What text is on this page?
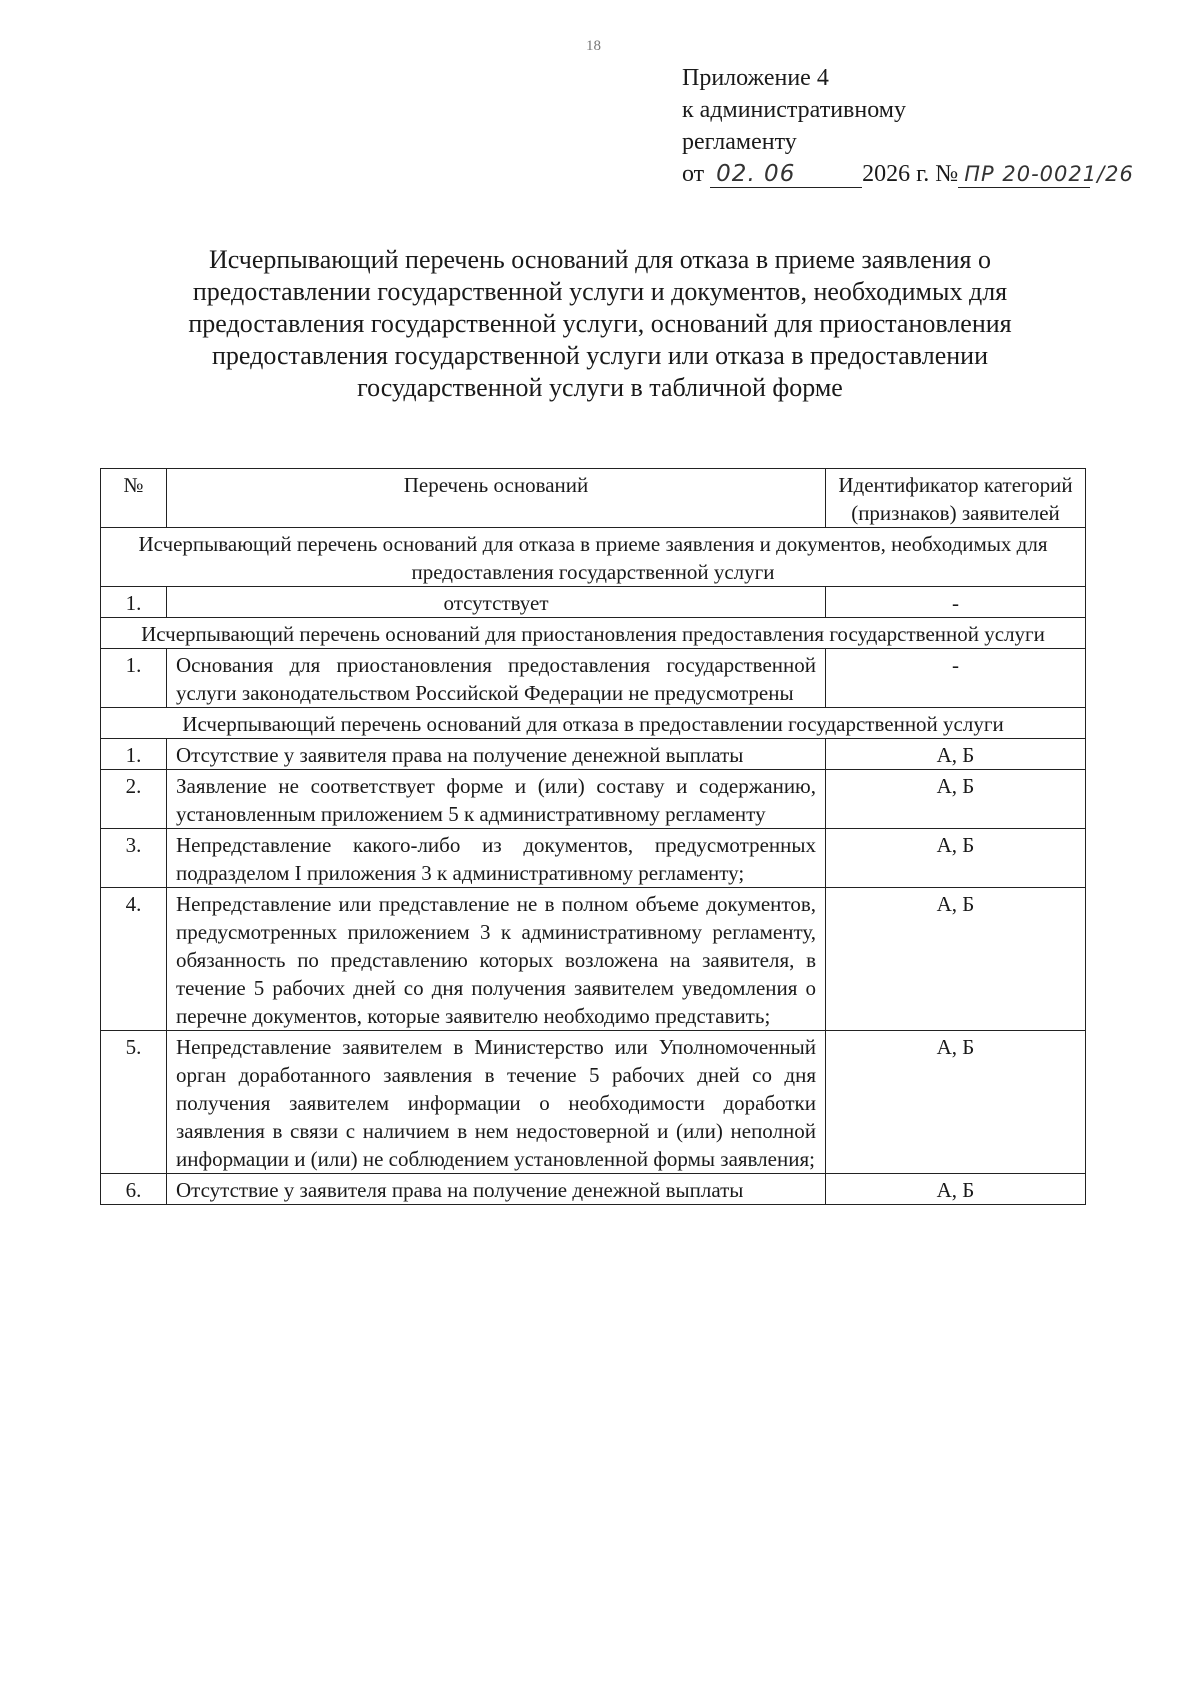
18
Приложение 4
к административному
регламенту
от 02. 06	2026 г. № ПР 20-0021/26
Исчерпывающий перечень оснований для отказа в приеме заявления о предоставлении государственной услуги и документов, необходимых для предоставления государственной услуги, оснований для приостановления предоставления государственной услуги или отказа в предоставлении государственной услуги в табличной форме
№	Перечень оснований	Идентификатор категорий (признаков) заявителей
Исчерпывающий перечень оснований для отказа в приеме заявления и документов, необходимых для предоставления государственной услуги		
1.	отсутствует	-
Исчерпывающий перечень оснований для приостановления предоставления государственной услуги		
1.	Основания для приостановления предоставления государственной услуги законодательством Российской Федерации не предусмотрены	-
Исчерпывающий перечень оснований для отказа в предоставлении государственной услуги		
1.	Отсутствие у заявителя права на получение денежной выплаты	А, Б
2.	Заявление не соответствует форме и (или) составу и содержанию, установленным приложением 5 к административному регламенту	А, Б
3.	Непредставление какого-либо из документов, предусмотренных подразделом I приложения 3 к административному регламенту;	А, Б
4.	Непредставление или представление не в полном объеме документов, предусмотренных приложением 3 к административному регламенту, обязанность по представлению которых возложена на заявителя, в течение 5 рабочих дней со дня получения заявителем уведомления о перечне документов, которые заявителю необходимо представить;	А, Б
5.	Непредставление заявителем в Министерство или Уполномоченный орган доработанного заявления в течение 5 рабочих дней со дня получения заявителем информации о необходимости доработки заявления в связи с наличием в нем недостоверной и (или) неполной информации и (или) не соблюдением установленной формы заявления;	А, Б
6.	Отсутствие у заявителя права на получение денежной выплаты	А, Б
